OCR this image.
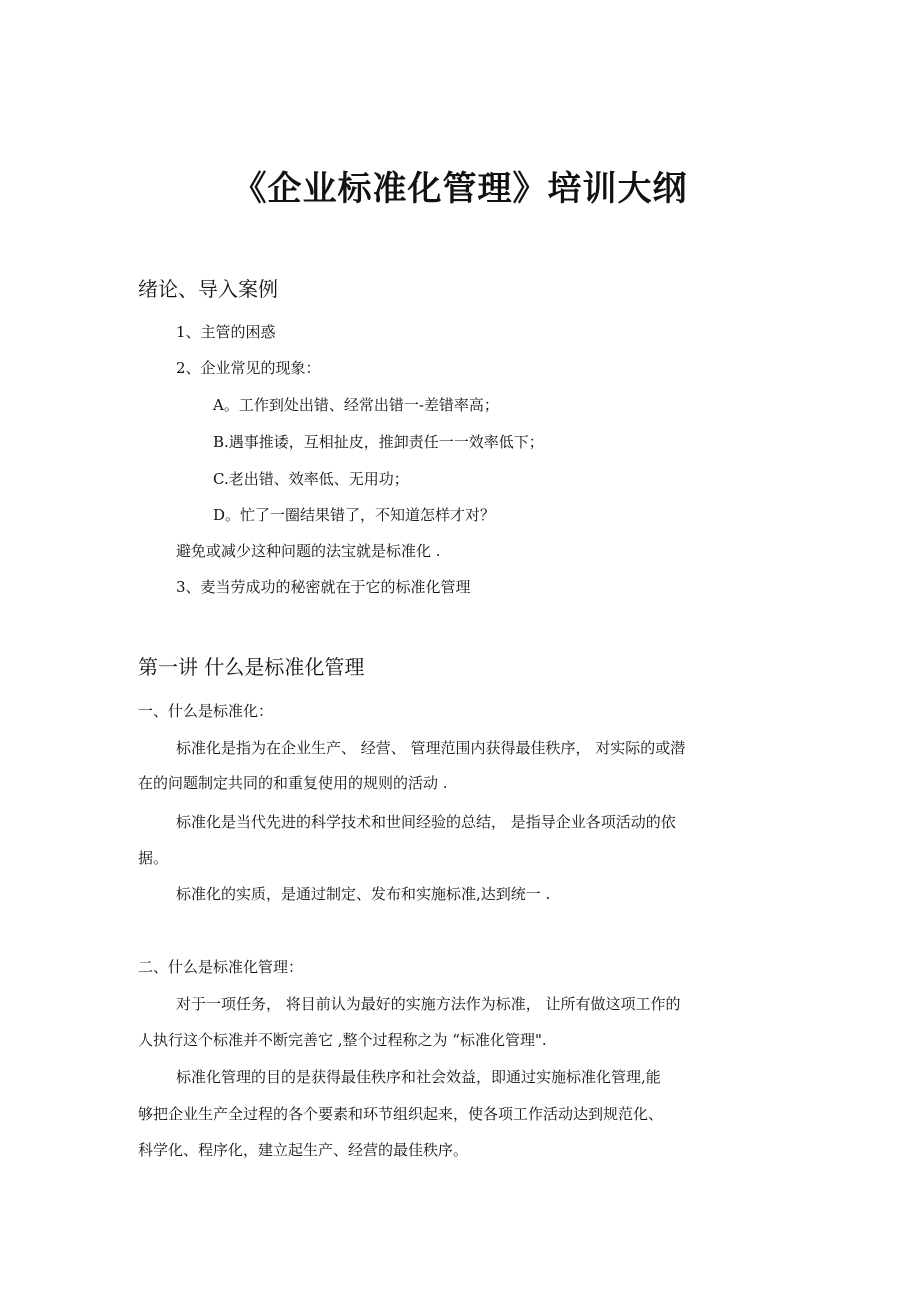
《企业标准化管理》培训大纲
绪论、导入案例
1、主管的困惑
2、企业常见的现象：
A。工作到处出错、经常出错一-差错率高；
B.遇事推诿，互相扯皮，推卸责任一一效率低下；
C.老出错、效率低、无用功；
D。忙了一圈结果错了，不知道怎样才对？
避免或减少这种问题的法宝就是标准化 .
3、麦当劳成功的秘密就在于它的标准化管理
第一讲 什么是标准化管理
一、什么是标准化：
标准化是指为在企业生产、 经营、 管理范围内获得最佳秩序， 对实际的或潜
在的问题制定共同的和重复使用的规则的活动 .
标准化是当代先进的科学技术和世间经验的总结， 是指导企业各项活动的依
据。
标准化的实质，是通过制定、发布和实施标准,达到统一 .
二、什么是标准化管理：
对于一项任务， 将目前认为最好的实施方法作为标准， 让所有做这项工作的
人执行这个标准并不断完善它 ,整个过程称之为 “标准化管理".
标准化管理的目的是获得最佳秩序和社会效益，即通过实施标准化管理,能
够把企业生产全过程的各个要素和环节组织起来，使各项工作活动达到规范化、
科学化、程序化，建立起生产、经营的最佳秩序。
